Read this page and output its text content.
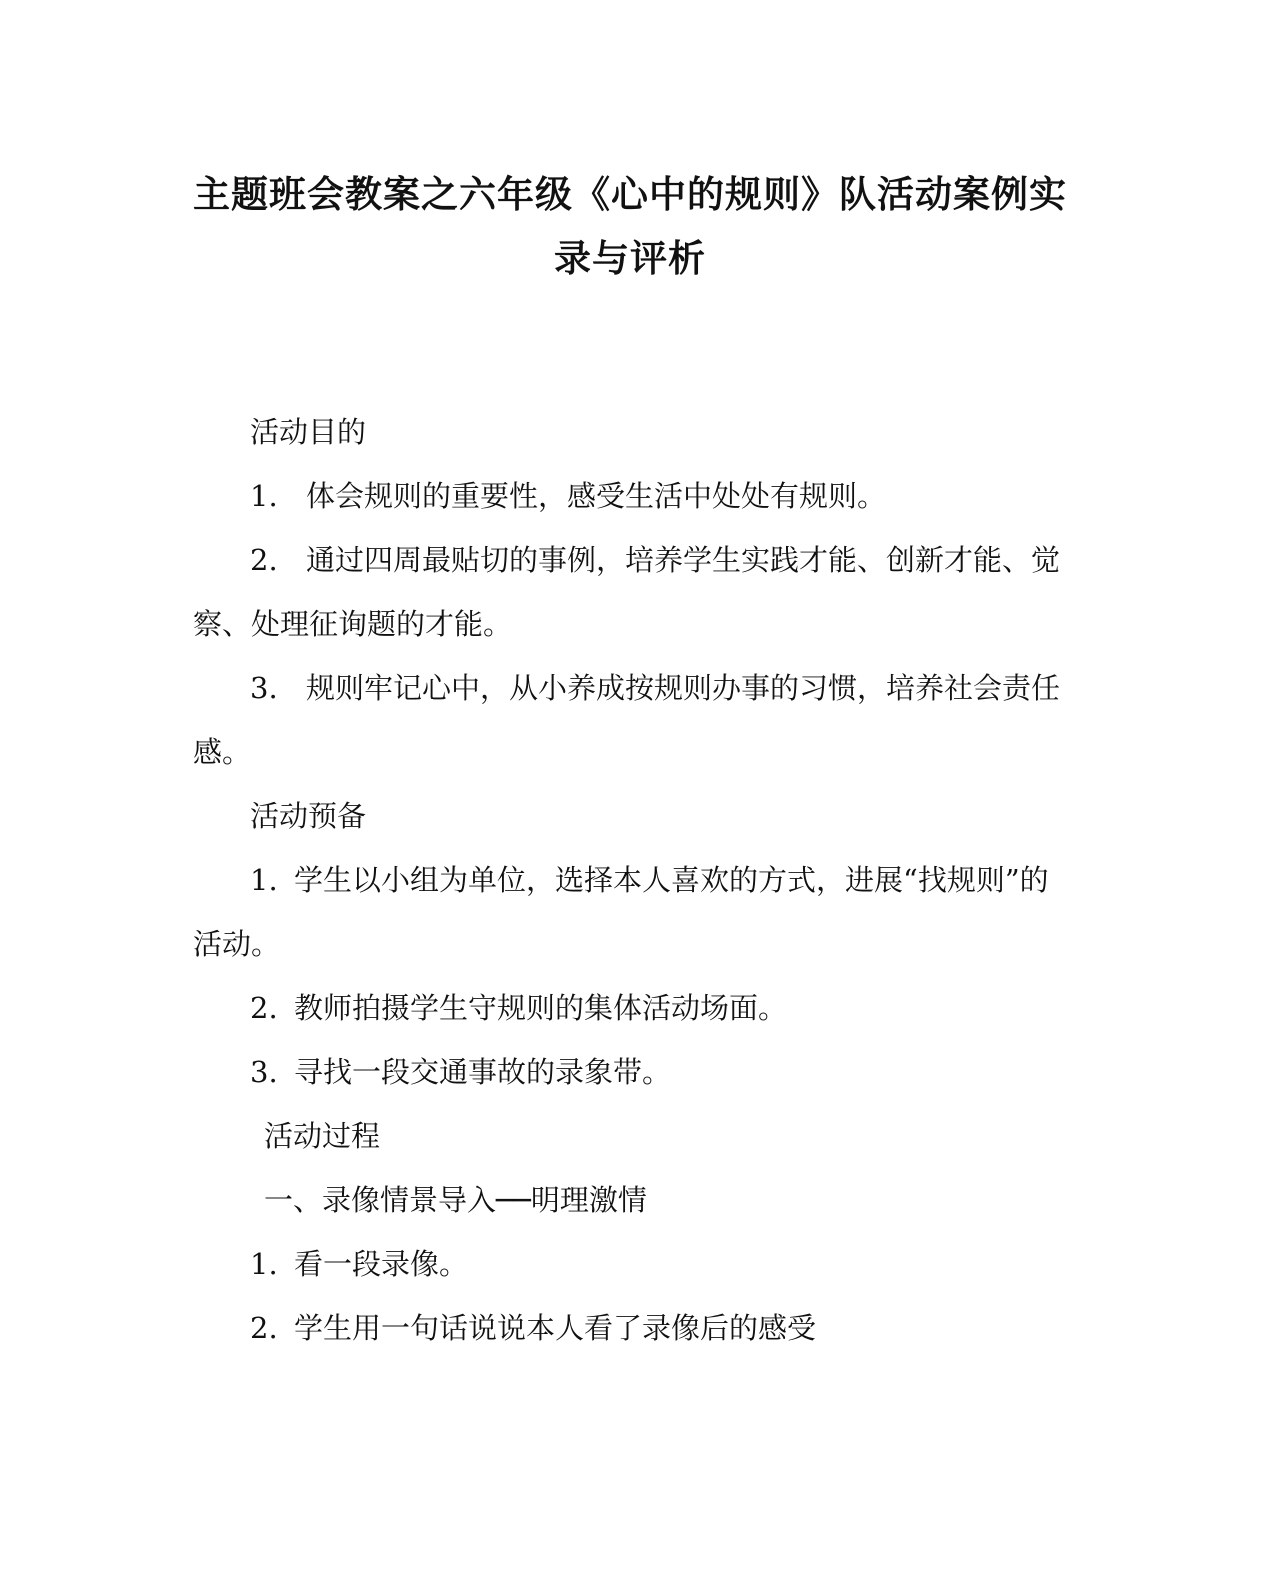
主题班会教案之六年级《心中的规则》队活动案例实
录与评析

活动目的

1. 体会规则的重要性，感受生活中处处有规则。

2. 通过四周最贴切的事例，培养学生实践才能、创新才能、觉

察、处理征询题的才能。

3. 规则牢记心中，从小养成按规则办事的习惯，培养社会责任

感。

活动预备

1. 学生以小组为单位，选择本人喜欢的方式，进展“找规则”的

活动。

2. 教师拍摄学生守规则的集体活动场面。

3. 寻找一段交通事故的录象带。

活动过程

一、录像情景导入──明理激情

1. 看一段录像。

2. 学生用一句话说说本人看了录像后的感受
